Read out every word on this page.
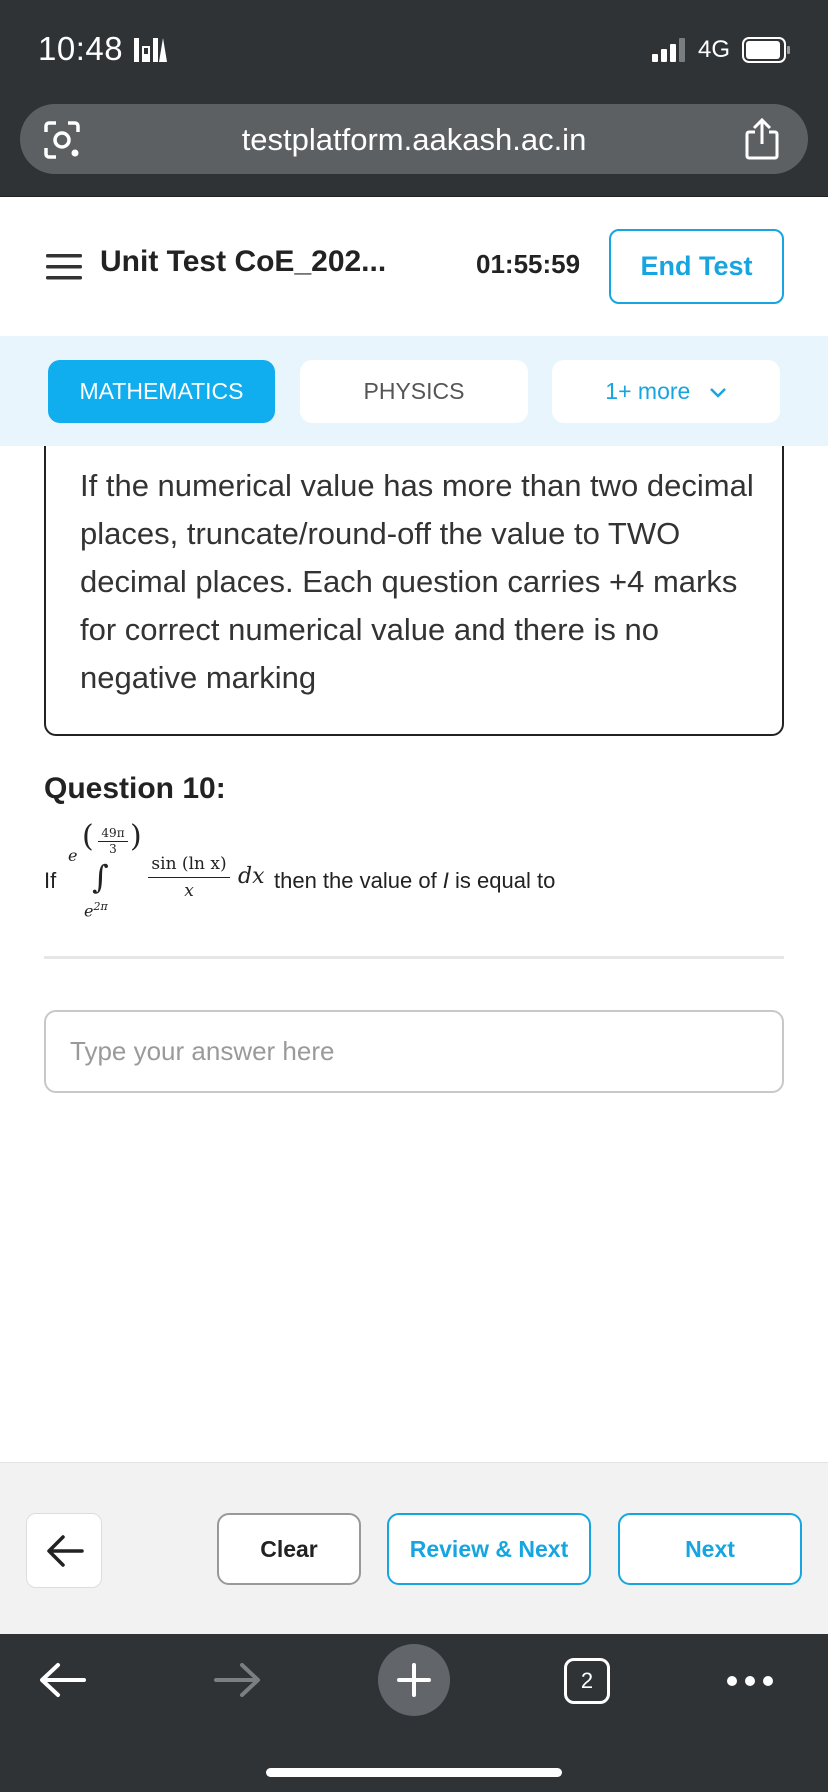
10:48	4G
testplatform.aakash.ac.in
Unit Test CoE_202...	01:55:59	End Test
MATHEMATICS	PHYSICS	1+ more
If the numerical value has more than two decimal places, truncate/round-off the value to TWO decimal places. Each question carries +4 marks for correct numerical value and there is no negative marking
Question 10:
If
e
( $\frac{49\pi}{3}$ )
∫
$e^{2\pi}$
$\frac{\text{sin (ln x)}}{x}$ dx then the value of I is equal to
Type your answer here
Clear	Review & Next	Next
2
